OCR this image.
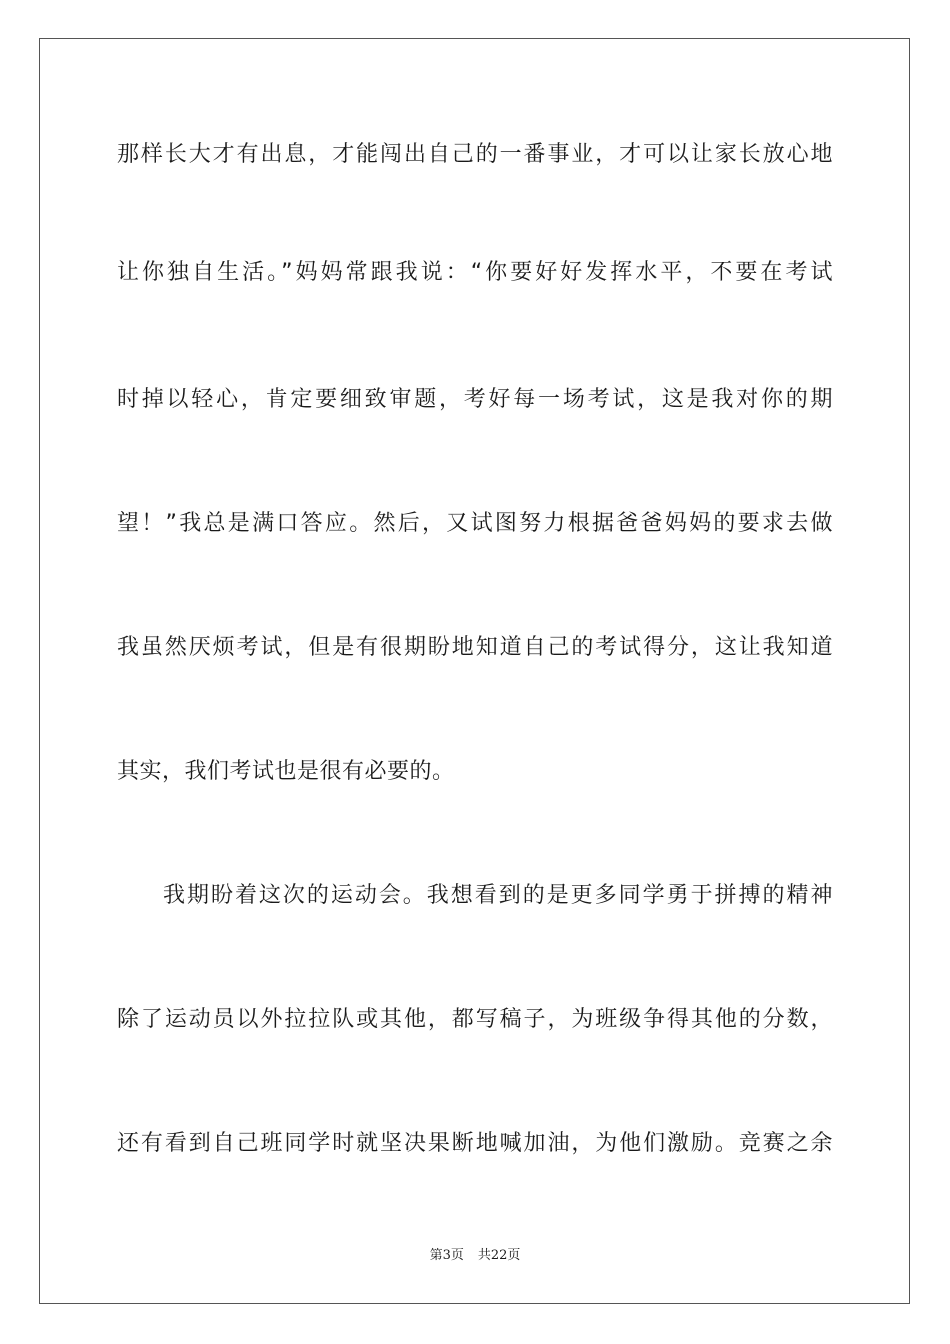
那样长大才有出息，才能闯出自己的一番事业，才可以让家长放心地
让你独自生活。”妈妈常跟我说：“你要好好发挥水平，不要在考试
时掉以轻心，肯定要细致审题，考好每一场考试，这是我对你的期
望！”我总是满口答应。然后，又试图努力根据爸爸妈妈的要求去做
我虽然厌烦考试，但是有很期盼地知道自己的考试得分，这让我知道
其实，我们考试也是很有必要的。
我期盼着这次的运动会。我想看到的是更多同学勇于拼搏的精神
除了运动员以外拉拉队或其他，都写稿子，为班级争得其他的分数，
还有看到自己班同学时就坚决果断地喊加油，为他们激励。竞赛之余
第3页 共22页
